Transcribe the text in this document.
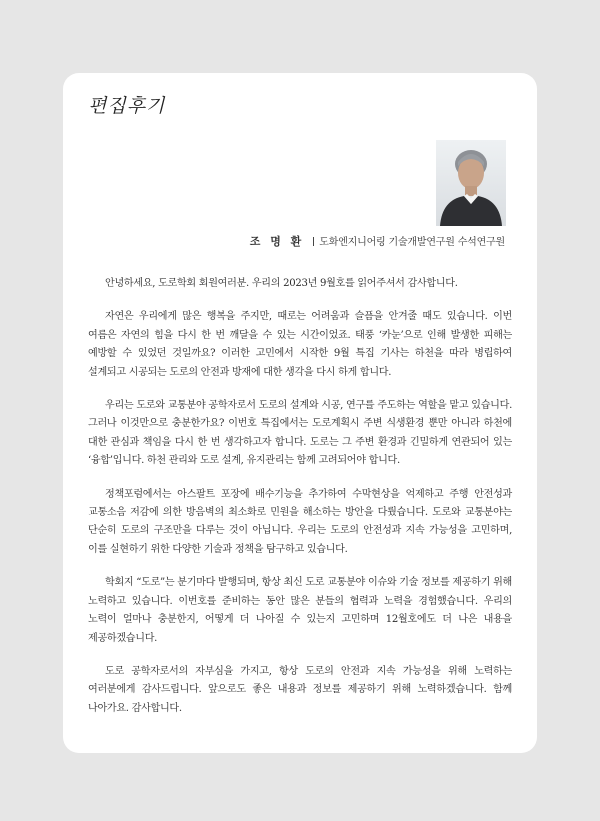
편집후기
조 명 환 도화엔지니어링 기술개발연구원 수석연구원

안녕하세요, 도로학회 회원여러분. 우리의 2023년 9월호를 읽어주셔서 감사합니다.

자연은 우리에게 많은 행복을 주지만, 때로는 어려움과 슬픔을 안겨줄 때도 있습니다. 이번 여름은 자연의 힘을 다시 한 번 깨달을 수 있는 시간이었죠. 태풍 ‘카눈’으로 인해 발생한 피해는 예방할 수 있었던 것일까요? 이러한 고민에서 시작한 9월 특집 기사는 하천을 따라 병립하여 설계되고 시공되는 도로의 안전과 방재에 대한 생각을 다시 하게 합니다.

우리는 도로와 교통분야 공학자로서 도로의 설계와 시공, 연구를 주도하는 역할을 맡고 있습니다. 그러나 이것만으로 충분한가요? 이번호 특집에서는 도로계획시 주변 식생환경 뿐만 아니라 하천에 대한 관심과 책임을 다시 한 번 생각하고자 합니다. 도로는 그 주변 환경과 긴밀하게 연관되어 있는 ‘융합’입니다. 하천 관리와 도로 설계, 유지관리는 함께 고려되어야 합니다.

정책포럼에서는 아스팔트 포장에 배수기능을 추가하여 수막현상을 억제하고 주행 안전성과 교통소음 저감에 의한 방음벽의 최소화로 민원을 해소하는 방안을 다뤘습니다. 도로와 교통분야는 단순히 도로의 구조만을 다루는 것이 아닙니다. 우리는 도로의 안전성과 지속 가능성을 고민하며, 이를 실현하기 위한 다양한 기술과 정책을 탐구하고 있습니다.

학회지 “도로”는 분기마다 발행되며, 항상 최신 도로 교통분야 이슈와 기술 정보를 제공하기 위해 노력하고 있습니다. 이번호를 준비하는 동안 많은 분들의 협력과 노력을 경험했습니다. 우리의 노력이 얼마나 충분한지, 어떻게 더 나아질 수 있는지 고민하며 12월호에도 더 나은 내용을 제공하겠습니다.

도로 공학자로서의 자부심을 가지고, 항상 도로의 안전과 지속 가능성을 위해 노력하는 여러분에게 감사드립니다. 앞으로도 좋은 내용과 정보를 제공하기 위해 노력하겠습니다. 함께 나아가요. 감사합니다.
